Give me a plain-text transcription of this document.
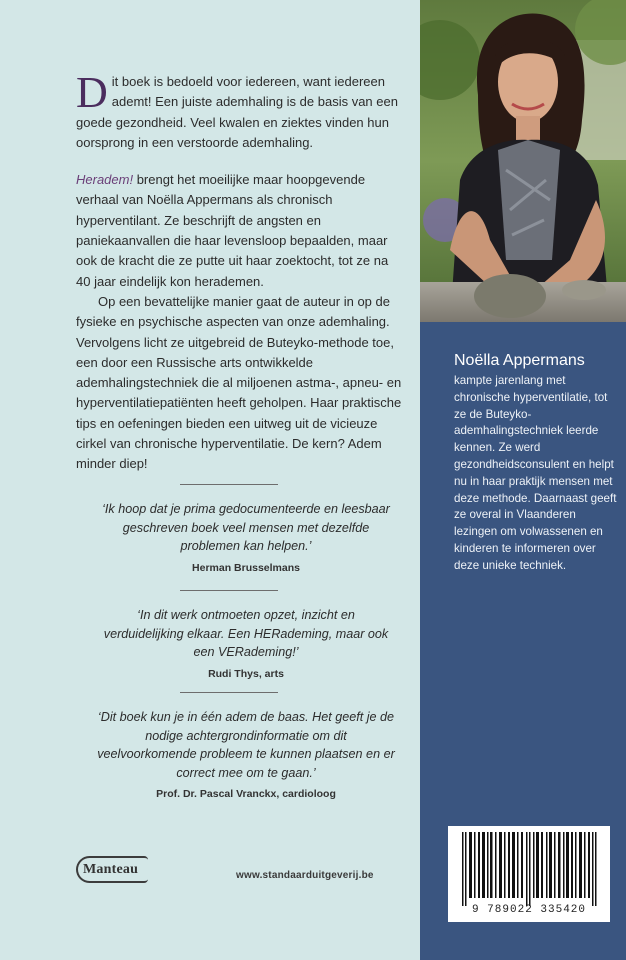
Dit boek is bedoeld voor iedereen, want iedereen ademt! Een juiste ademhaling is de basis van een goede gezondheid. Veel kwalen en ziektes vinden hun oorsprong in een verstoorde ademhaling.

Heradem! brengt het moeilijke maar hoopgevende verhaal van Noëlla Appermans als chronisch hyperventilant. Ze beschrijft de angsten en paniekaanvallen die haar levensloop bepaalden, maar ook de kracht die ze putte uit haar zoektocht, tot ze na 40 jaar eindelijk kon herademen.

Op een bevattelijke manier gaat de auteur in op de fysieke en psychische aspecten van onze ademhaling. Vervolgens licht ze uitgebreid de Buteyko-methode toe, een door een Russische arts ontwikkelde ademhalingstechniek die al miljoenen astma-, apneu- en hyperventilatiepatiënten heeft geholpen. Haar praktische tips en oefeningen bieden een uitweg uit de vicieuze cirkel van chronische hyperventilatie. De kern? Adem minder diep!

‘Ik hoop dat je prima gedocumenteerde en leesbaar geschreven boek veel mensen met dezelfde problemen kan helpen.’

Herman Brusselmans

‘In dit werk ontmoeten opzet, inzicht en verduidelijking elkaar. Een HERademing, maar ook een VERademing!’

Rudi Thys, arts

‘Dit boek kun je in één adem de baas. Het geeft je de nodige achtergrondinformatie om dit veelvoorkomende probleem te kunnen plaatsen en er correct mee om te gaan.’

Prof. Dr. Pascal Vranckx, cardioloog
Manteau	www.standaarduitgeverij.be
Noëlla Appermans
kampte jarenlang met chronische hyperventilatie, tot ze de Buteyko-ademhalingstechniek leerde kennen. Ze werd gezondheidsconsulent en helpt nu in haar praktijk mensen met deze methode. Daarnaast geeft ze overal in Vlaanderen lezingen om volwassenen en kinderen te informeren over deze unieke techniek.
9 789022 335420
